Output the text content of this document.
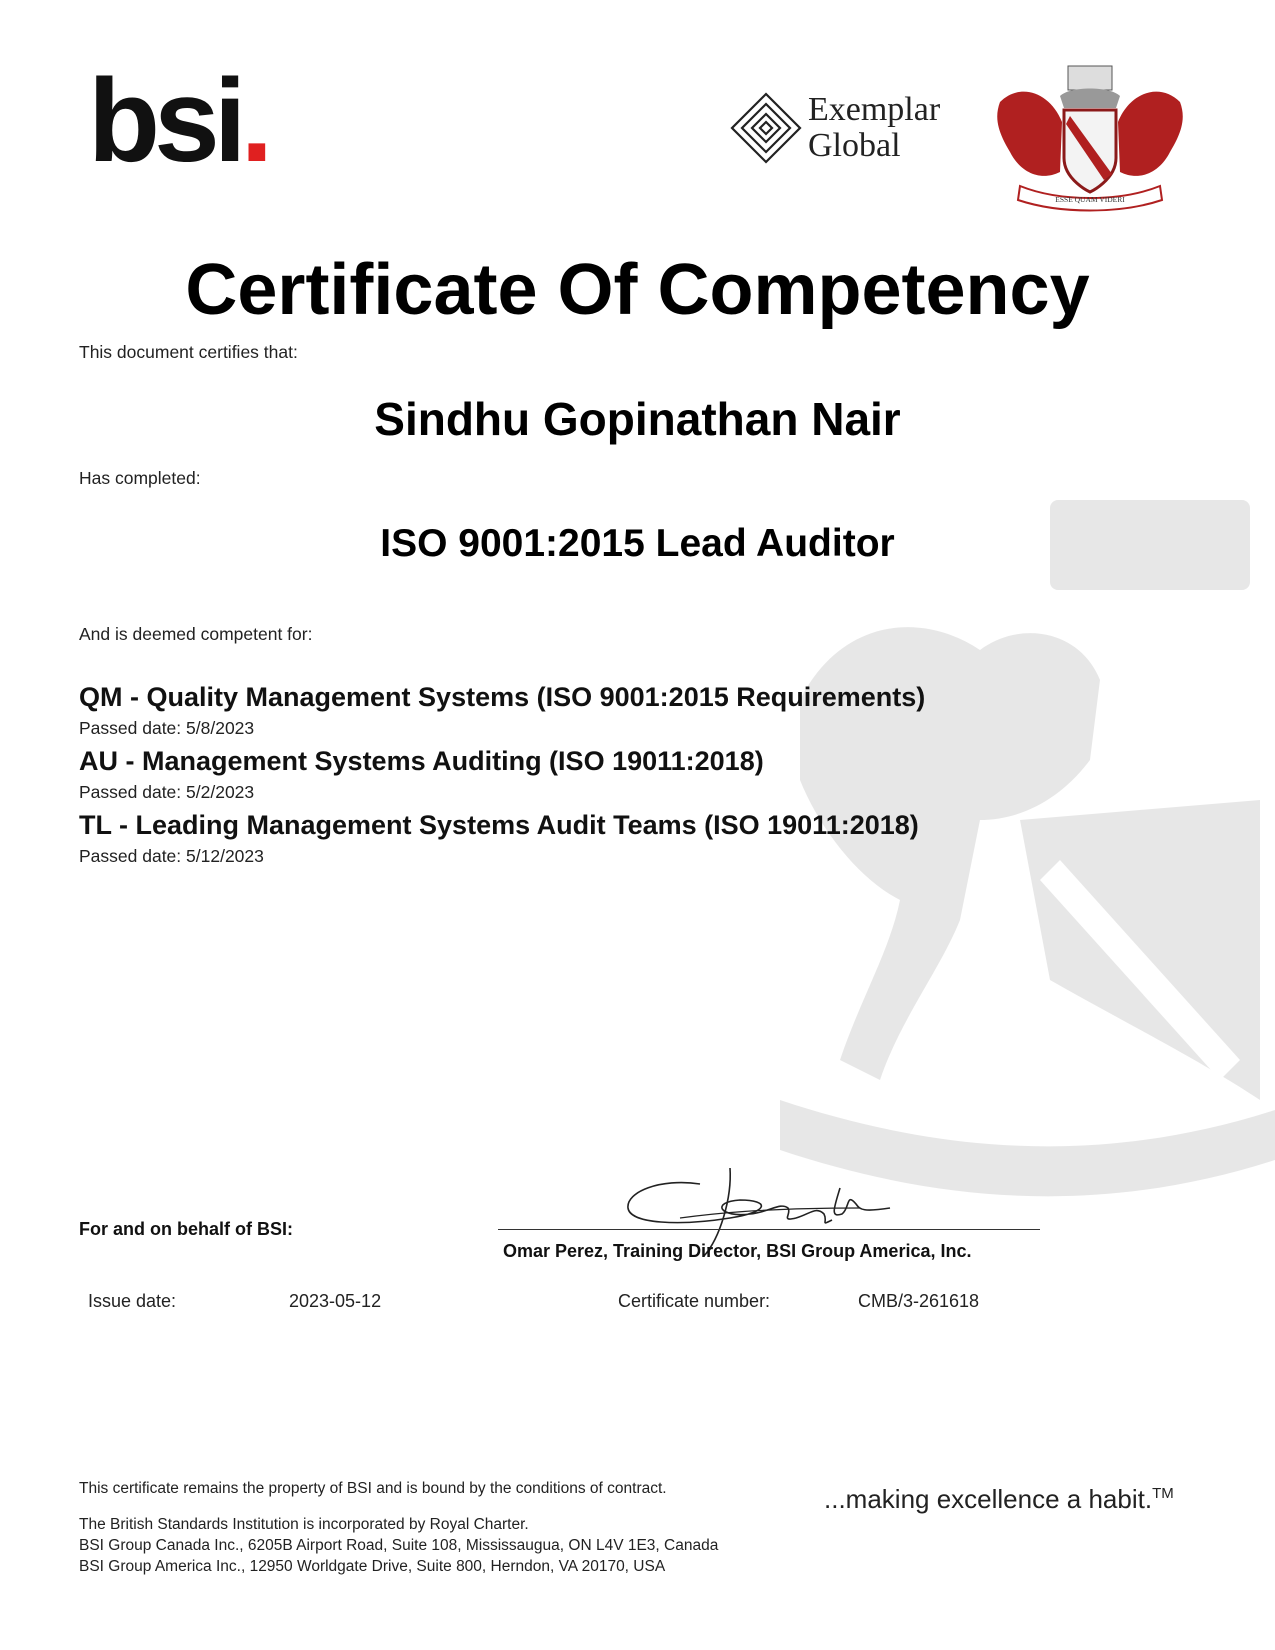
bsi.	Exemplar
Global
ESSE QUAM VIDERI
Certificate Of Competency
This document certifies that:
Sindhu Gopinathan Nair
Has completed:
ISO 9001:2015 Lead Auditor
And is deemed competent for:
QM - Quality Management Systems (ISO 9001:2015 Requirements)
Passed date: 5/8/2023
AU - Management Systems Auditing (ISO 19011:2018)
Passed date: 5/2/2023
TL - Leading Management Systems Audit Teams (ISO 19011:2018)
Passed date: 5/12/2023
For and on behalf of BSI:
Omar Perez, Training Director, BSI Group America, Inc.
Issue date:	2023-05-12	Certificate number:	CMB/3-261618
This certificate remains the property of BSI and is bound by the conditions of contract.	...making excellence a habit.™
The British Standards Institution is incorporated by Royal Charter.
BSI Group Canada Inc., 6205B Airport Road, Suite 108, Mississaugua, ON L4V 1E3, Canada
BSI Group America Inc., 12950 Worldgate Drive, Suite 800, Herndon, VA 20170, USA
